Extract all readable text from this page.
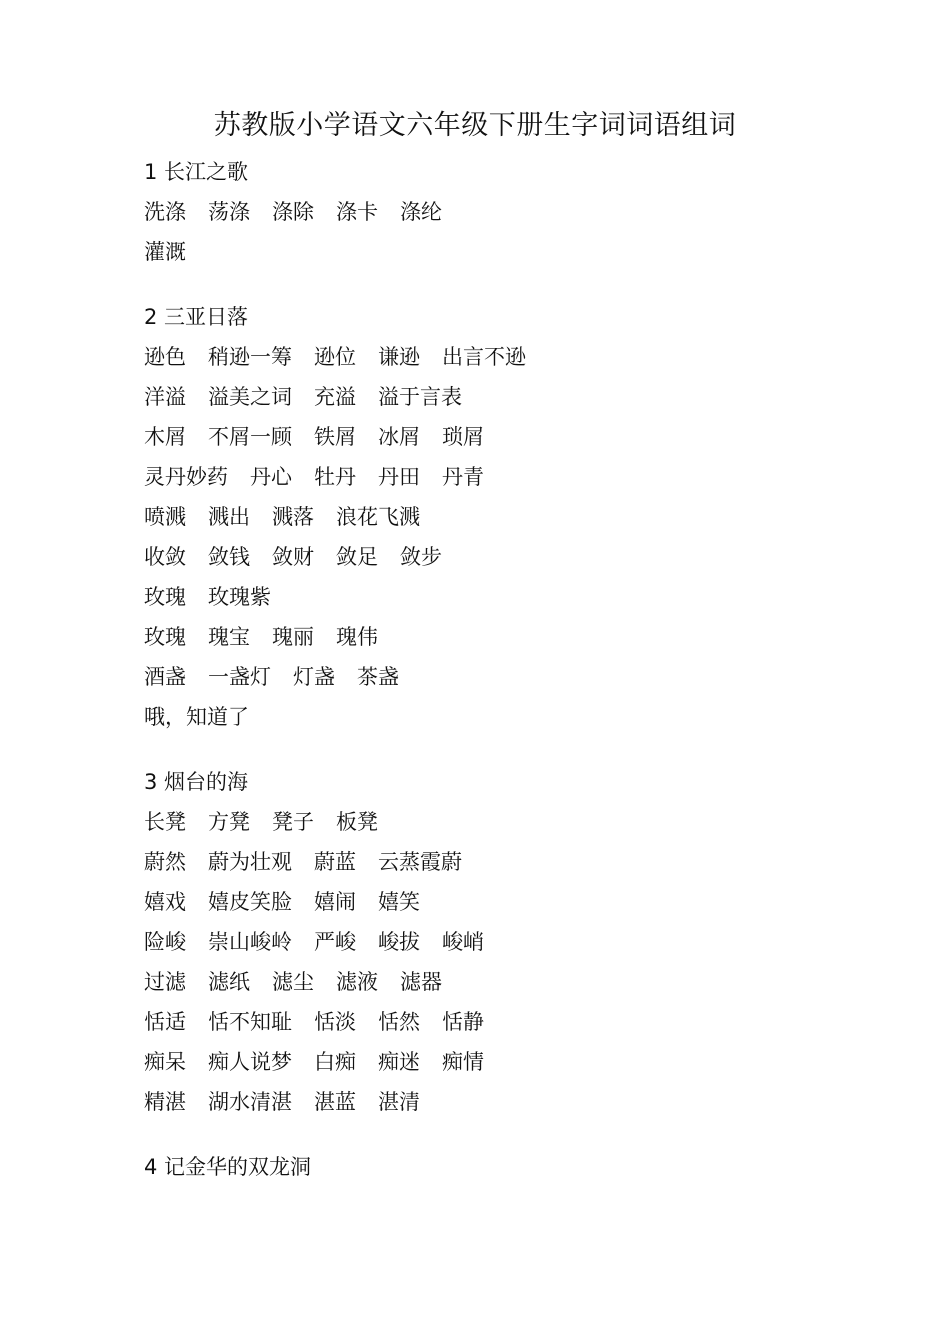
苏教版小学语文六年级下册生字词词语组词
1 长江之歌
洗涤 荡涤 涤除 涤卡 涤纶
灌溉
2 三亚日落
逊色 稍逊一筹 逊位 谦逊 出言不逊
洋溢 溢美之词 充溢 溢于言表
木屑 不屑一顾 铁屑 冰屑 琐屑
灵丹妙药丹心 牡丹 丹田 丹青
喷溅 溅出 溅落 浪花飞溅
收敛 敛钱 敛财 敛足 敛步
玫瑰 玫瑰紫
玫瑰 瑰宝 瑰丽 瑰伟
酒盏 一盏灯 灯盏 茶盏
哦，知道了
3 烟台的海
长凳 方凳 凳子 板凳
蔚然 蔚为壮观 蔚蓝 云蒸霞蔚
嬉戏 嬉皮笑脸 嬉闹 嬉笑
险峻 崇山峻岭 严峻 峻拔 峻峭
过滤 滤纸 滤尘 滤液 滤器
恬适 恬不知耻 恬淡 恬然 恬静
痴呆 痴人说梦 白痴 痴迷 痴情
精湛 湖水清湛 湛蓝 湛清
4 记金华的双龙洞
